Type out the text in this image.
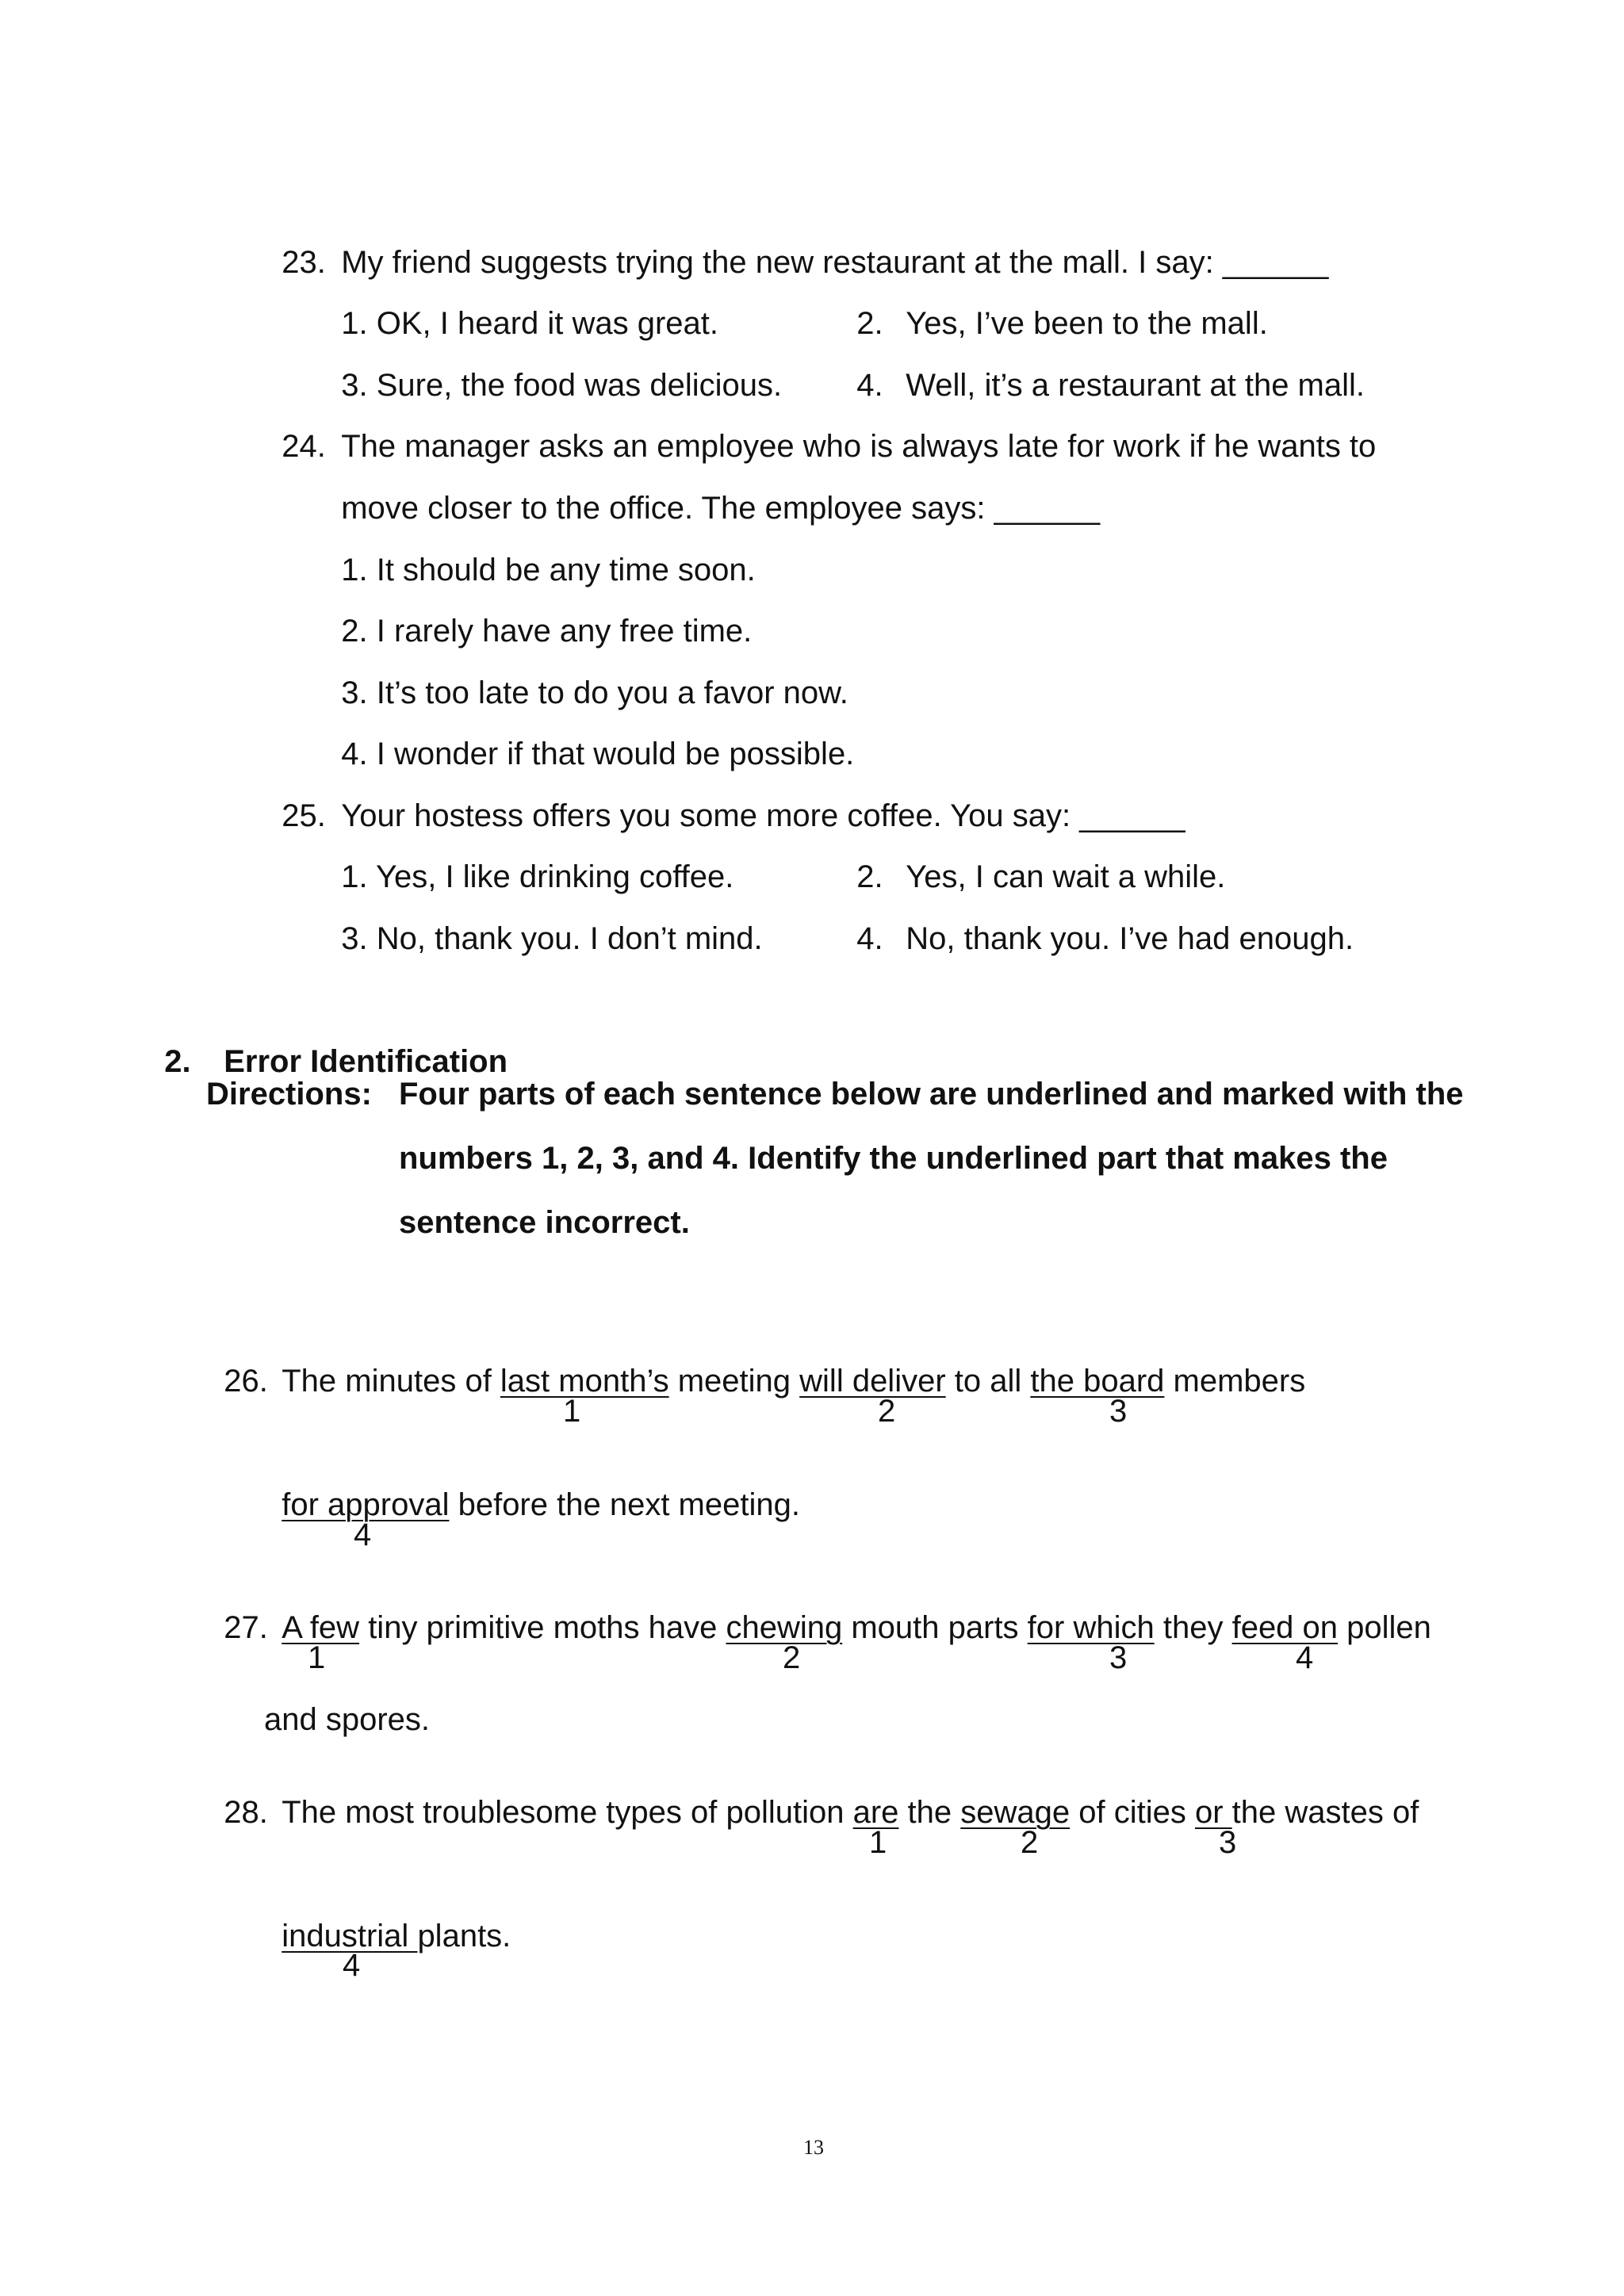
23. My friend suggests trying the new restaurant at the mall. I say: ______

1. OK, I heard it was great.	2. Yes, I’ve been to the mall.

3. Sure, the food was delicious.	4. Well, it’s a restaurant at the mall.

24. The manager asks an employee who is always late for work if he wants to

move closer to the office. The employee says: ______

1. It should be any time soon.

2. I rarely have any free time.

3. It’s too late to do you a favor now.

4. I wonder if that would be possible.

25. Your hostess offers you some more coffee. You say: ______

1. Yes, I like drinking coffee.	2. Yes, I can wait a while.

3. No, thank you. I don’t mind.	4. No, thank you. I’ve had enough.

2. Error Identification

Directions: Four parts of each sentence below are underlined and marked with the
numbers 1, 2, 3, and 4. Identify the underlined part that makes the
sentence incorrect.

26. The minutes of last month’s meeting will deliver to all the board members

1	2	3

for approval before the next meeting.

4

27. A few tiny primitive moths have chewing mouth parts for which they feed on pollen

1	2	3	4
and spores.

28. The most troublesome types of pollution are the sewage of cities or the wastes of

1	2	3

industrial plants.

4
13
